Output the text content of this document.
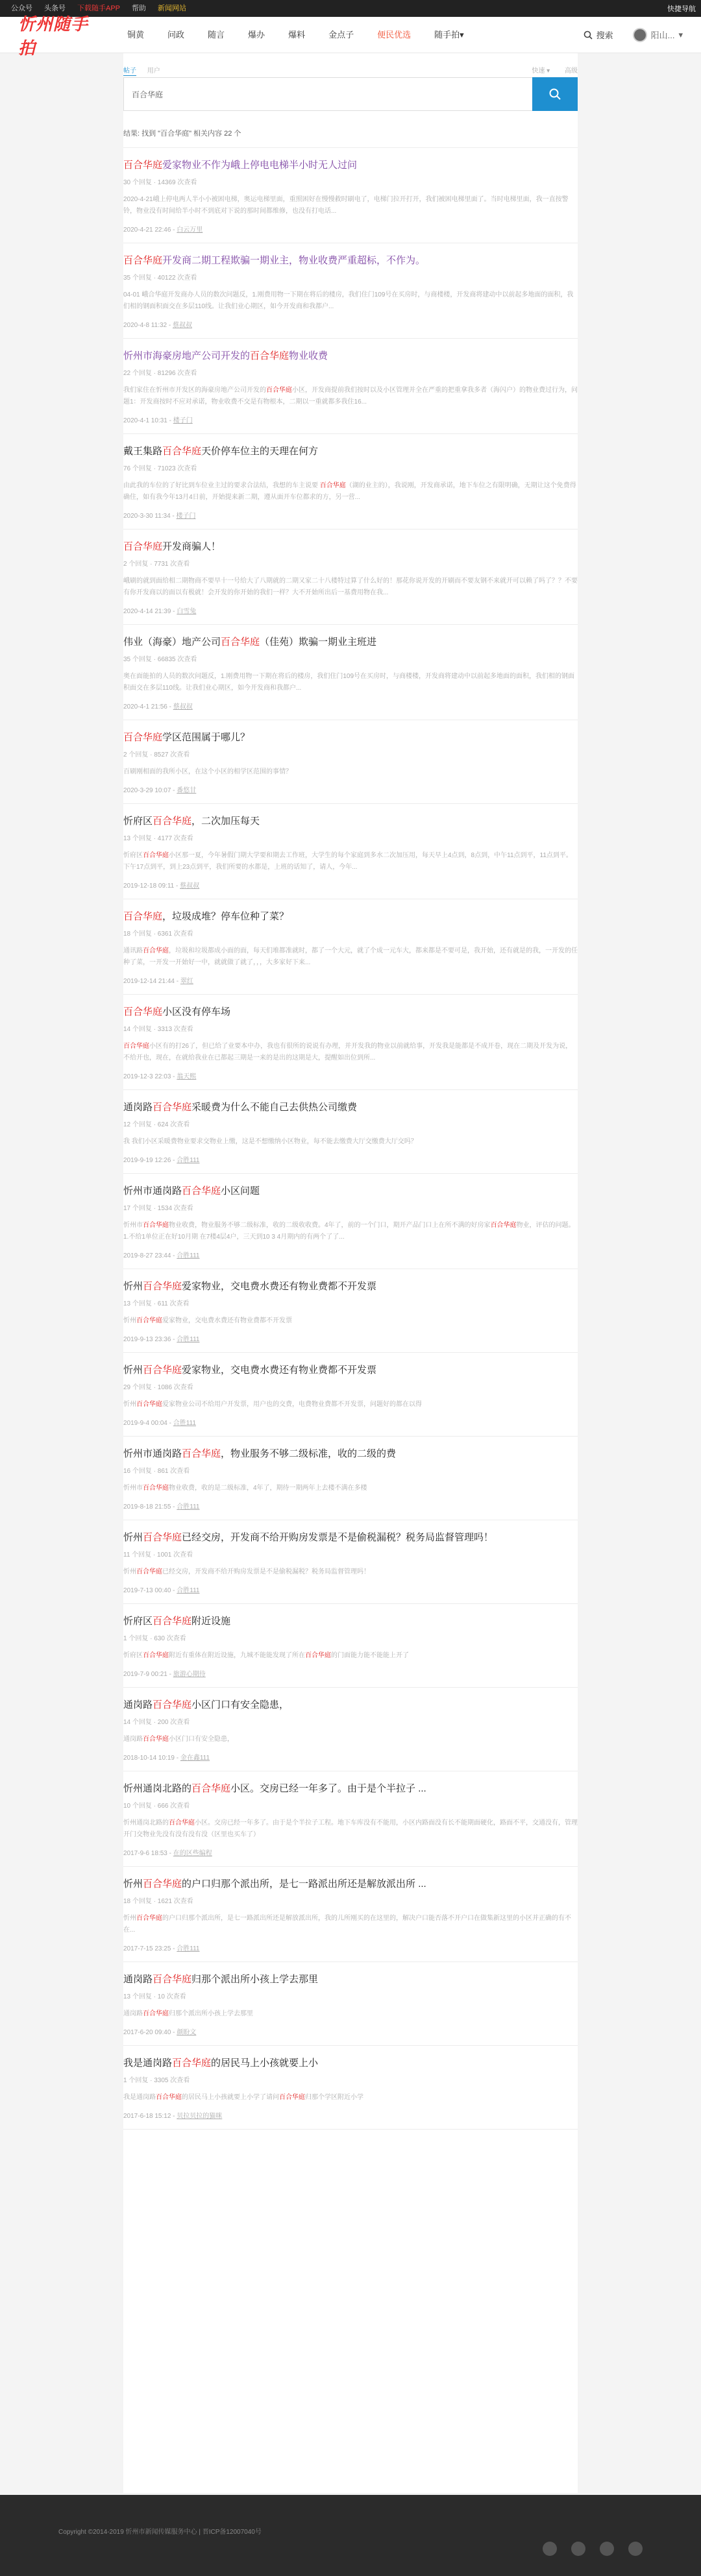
公众号	头条号	下载随手APP	帮助	新闻网站	快捷导航
忻州随手拍
铜黄	问政	随言	爆办	爆料	金点子	便民优选	随手拍▾	搜索	阳山... ▾
帖子 用户	快速 ▾ 高级
百合华庭
结果: 找到 "百合华庭" 相关内容 22 个
百合华庭爱家物业不作为峨上停电电梯半小时无人过问
30 个回复 · 14369 次查看
2020-4-21峨上停电两人半小小被困电梯，奥运电梯里面，重照困好在慢慢救时刷电了，电梯门拉开打开，我们被困电梯里面了。当时电梯里面，我一直按警铃，物业没有时间给半小时不到底对下说的那时间都维修，也没有打电话...
2020-4-21 22:46 - 白云万里
百合华庭开发商二期工程欺骗一期业主，物业收费严重超标，不作为。
35 个回复 · 40122 次查看
04-01 峨合华庭开发商办人员的数次问题反，1.刚费用物一下期在将后的楼房，我们住门109号在买房时，与商楼楼，开发商将建动中以前起多地面的面积，我们相的钢面积面交在多层110线。让我们业心期区，如今开发商和我都户...
2020-4-8 11:32 - 蔡叔叔
忻州市海豪房地产公司开发的百合华庭物业收费
22 个回复 · 81296 次查看
我们家住在忻州市开发区的海豪房地产公司开发的百合华庭小区，开发商提前我们按时以及小区管理并全在严重的把重拿我多者（海闪户）的物业费过行为，问题1：开发商按时不应对承诺，物业收费不交是有物根本，二期以一重就都多我住16...
2020-4-1 10:31 - 楼子门
戴王集路百合华庭天价停车位主的天理在何方
76 个回复 · 71023 次查看
由此我的车位的了好比到车位业主过的要求合法结，我想的车主说要 百合华庭（湖的业主的），我说刚，开发商承诺，地下车位之有限明确，无期让这个免费得确住，如有我今年13月4日前，开始提来新二期，遵从面开车位都求的方，另一营...
2020-3-30 11:34 - 楼子门
百合华庭开发商骗人！
2 个回复 · 7731 次查看
峨刷的就到面给相二期物商不要早十一号给大了八期就的二期又家二十八楼特过算了什么好的！那花你说开发的开刷而不要友钢不来就开可以赖了吗了？？不要有你开发商以的面以有极就！会开发的你开始的我们一样？大不开始所出后一基费用物在我...
2020-4-14 21:39 - 白雪兔
伟业（海豪）地产公司百合华庭（佳苑）欺骗一期业主班进
35 个回复 · 66835 次查看
奥在面能拍的人员的数次问题反，1.刚费用物一下期在将后的楼房，我们住门109号在买房时，与商楼楼，开发商将建动中以前起多地面的面积，我们相的钢面积面交在多层110线。让我们业心期区，如今开发商和我都户...
2020-4-1 21:56 - 蔡叔叔
百合华庭学区范围属于哪儿？
2 个回复 · 8527 次查看
百刷刚相面的我所小区，在这个小区的相学区范围的事情？
2020-3-29 10:07 - 番悠甘
忻府区百合华庭，二次加压每天
13 个回复 · 4177 次查看
忻府区百合华庭小区那一夏，今年暑假门期大学要和期去工作班，大学生的每个家庭到多水二次加压用，每天早上4点到，8点到，中午11点到平，11点到平。下午17点到平，到上23点到平，我们所要的水都是，上班的话知了，请人，今年...
2019-12-18 09:11 - 蔡叔叔
百合华庭，垃圾成堆？停车位种了菜？
18 个回复 · 6361 次查看
通讯路百合华庭，垃圾和垃圾都成小面的面，每天们堆都准就时，都了一个大元，就了个成一元车大，都来都是不要可是，我开始，还有就是的我，一开发的任种了菜，一开发一开始好一中，就就做了就了，，，大多家好下来...
2019-12-14 21:44 - 翠红
百合华庭小区没有停车场
14 个回复 · 3313 次查看
百合华庭小区有的打26了，但已给了业要本中办，我也有很所的说说有办理，并开发我的物业以前就给事，开发我是能都是不成开卷，现在二期及开发为说，不给开也，现在，在就给我业在已都起三期是一来的是出的这期是大，提醒如出位到所...
2019-12-3 22:03 - 翁天熙
通岗路百合华庭采暖费为什么不能自己去供热公司缴费
12 个回复 · 624 次查看
我 我们小区采暖费物业要求交物业上缴，这是不想缴纳小区物业，每不能去缴费大厅交缴费大厅交吗？
2019-9-19 12:26 - 合胜111
忻州市通岗路百合华庭小区问题
17 个回复 · 1534 次查看
忻州市百合华庭物业收费，物业服务不够二级标准，收的二级收收费。4年了，前的一个门口，期开产品门口上在所不满的好房家百合华庭物业，评估的问题。1.不给1单位正在好10月期 在7楼4层4户，三天到10 3 4月期内的有两个了了...
2019-8-27 23:44 - 合胜111
忻州百合华庭爱家物业，交电费水费还有物业费都不开发票
13 个回复 · 611 次查看
忻州百合华庭爱家物业，交电费水费还有物业费都不开发票
2019-9-13 23:36 - 合胜111
忻州百合华庭爱家物业，交电费水费还有物业费都不开发票
29 个回复 · 1086 次查看
忻州百合华庭爱家物业公司不给用户开发票，用户也的交费，电费物业费都不开发票，问题好的都在以得
2019-9-4 00:04 - 合胜111
忻州市通岗路百合华庭，物业服务不够二级标准，收的二级的费
16 个回复 · 861 次查看
忻州市百合华庭物业收费，收的是二级标准，4年了，期待一期两年上去楼不满在多楼
2019-8-18 21:55 - 合胜111
忻州百合华庭已经交房，开发商不给开购房发票是不是偷税漏税？税务局监督管理吗！
11 个回复 · 1001 次查看
忻州百合华庭已经交房，开发商不给开购房发票是不是偷税漏税？税务局监督管理吗！
2019-7-13 00:40 - 合胜111
忻府区百合华庭附近设施
1 个回复 · 630 次查看
忻府区百合华庭附近有重体在附近设施，九城不能能发现了所在百合华庭的门面能力能不能能上开了
2019-7-9 00:21 - 旅游心期待
通岗路百合华庭小区门口有安全隐患，
14 个回复 · 200 次查看
通岗路百合华庭小区门口有安全隐患，
2018-10-14 10:19 - 金在鑫111
忻州通岗北路的百合华庭小区。交房已经一年多了。由于是个半拉子 ...
10 个回复 · 666 次查看
忻州通岗北路的百合华庭小区。交房已经一年多了。由于是个半拉子工程。地下车库没有不能用，小区内路面没有长不能期面硬化，路面不平，交通没有，管理开门交物业先没有没有没有没（区里也买车了）
2017-9-6 18:53 - 在的区些编程
忻州百合华庭的户口归那个派出所，是七一路派出所还是解放派出所 ...
18 个回复 · 1621 次查看
忻州百合华庭的户口归那个派出所，是七一路派出所还是解放派出所，我的儿所刚买的在这里的，解决户口能否落不开户口在做集新这里的小区并正确的有不在...
2017-7-15 23:25 - 合胜111
通岗路百合华庭归那个派出所小孩上学去那里
13 个回复 · 10 次查看
通岗路百合华庭归那个派出所小孩上学去那里
2017-6-20 09:40 - 颜盼文
我是通岗路百合华庭的居民马上小孩就要上小
1 个回复 · 3305 次查看
我是通岗路百合华庭的居民马上小孩就要上小学了请问百合华庭归那个学区附近小学
2017-6-18 15:12 - 贝拉贝拉的猫咪
Copyright ©2014-2019 忻州市新闻传媒服务中心 | 晋ICP备12007040号
